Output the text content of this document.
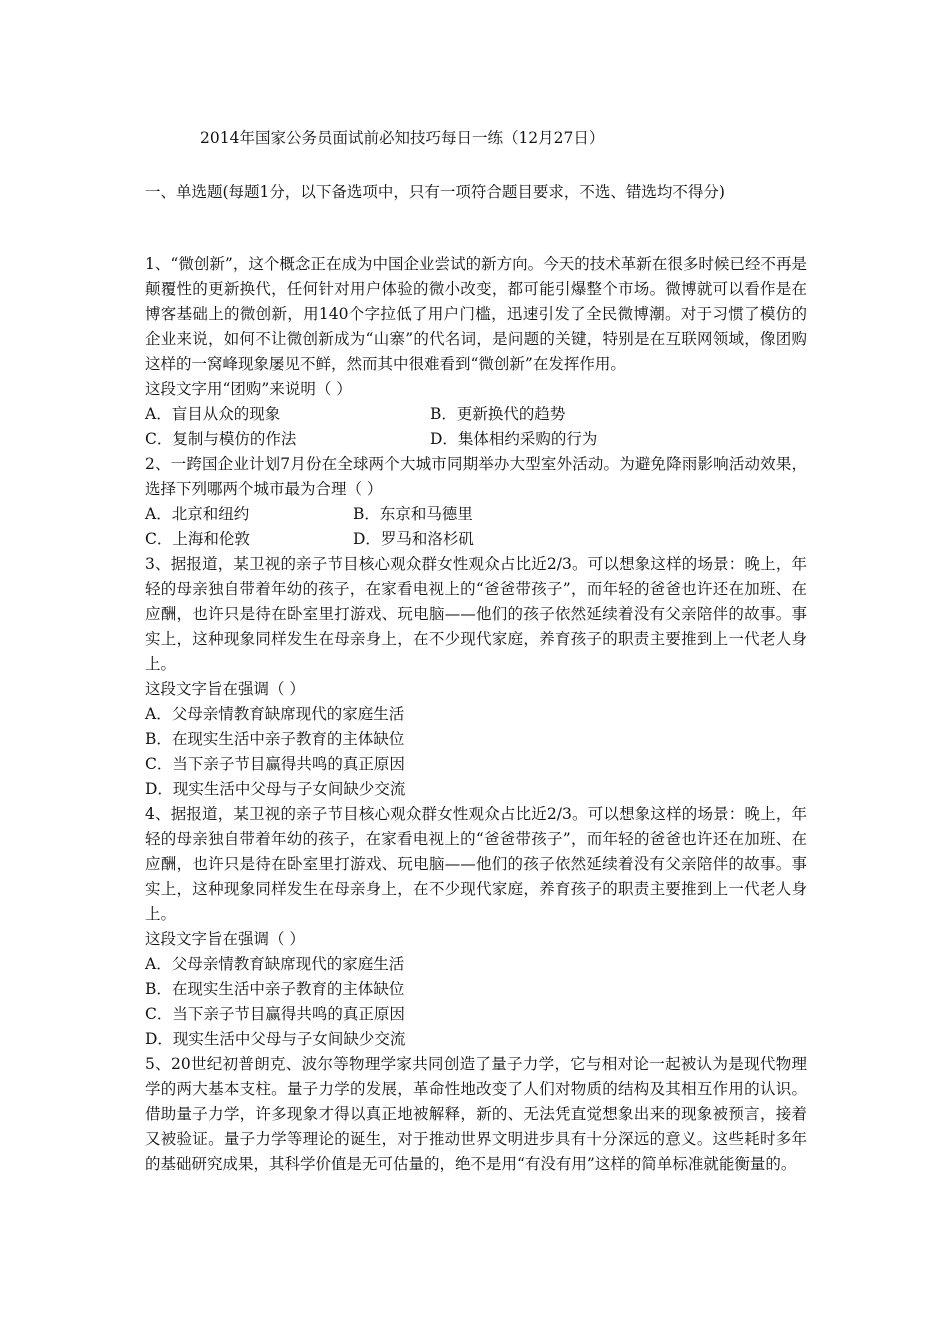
2014年国家公务员面试前必知技巧每日一练（12月27日）
一、单选题(每题1分，以下备选项中，只有一项符合题目要求，不选、错选均不得分)

1、“微创新”，这个概念正在成为中国企业尝试的新方向。今天的技术革新在很多时候已经不再是颠覆性的更新换代，任何针对用户体验的微小改变，都可能引爆整个市场。微博就可以看作是在博客基础上的微创新，用140个字拉低了用户门槛，迅速引发了全民微博潮。对于习惯了模仿的企业来说，如何不让微创新成为“山寨”的代名词，是问题的关键，特别是在互联网领域，像团购这样的一窝峰现象屡见不鲜，然而其中很难看到“微创新”在发挥作用。

这段文字用“团购”来说明（ ）

A．盲目从众的现象	B．更新换代的趋势
C．复制与模仿的作法	D．集体相约采购的行为

2、一跨国企业计划7月份在全球两个大城市同期举办大型室外活动。为避免降雨影响活动效果，选择下列哪两个城市最为合理（ ）

A．北京和纽约	B．东京和马德里
C．上海和伦敦	D．罗马和洛杉矶

3、据报道，某卫视的亲子节目核心观众群女性观众占比近2/3。可以想象这样的场景：晚上，年轻的母亲独自带着年幼的孩子，在家看电视上的“爸爸带孩子”，而年轻的爸爸也许还在加班、在应酬，也许只是待在卧室里打游戏、玩电脑——他们的孩子依然延续着没有父亲陪伴的故事。事实上，这种现象同样发生在母亲身上，在不少现代家庭，养育孩子的职责主要推到上一代老人身上。

这段文字旨在强调（ ）

A．父母亲情教育缺席现代的家庭生活

B．在现实生活中亲子教育的主体缺位

C．当下亲子节目赢得共鸣的真正原因

D．现实生活中父母与子女间缺少交流

4、据报道，某卫视的亲子节目核心观众群女性观众占比近2/3。可以想象这样的场景：晚上，年轻的母亲独自带着年幼的孩子，在家看电视上的“爸爸带孩子”，而年轻的爸爸也许还在加班、在应酬，也许只是待在卧室里打游戏、玩电脑——他们的孩子依然延续着没有父亲陪伴的故事。事实上，这种现象同样发生在母亲身上，在不少现代家庭，养育孩子的职责主要推到上一代老人身上。

这段文字旨在强调（ ）

A．父母亲情教育缺席现代的家庭生活

B．在现实生活中亲子教育的主体缺位

C．当下亲子节目赢得共鸣的真正原因

D．现实生活中父母与子女间缺少交流

5、20世纪初普朗克、波尔等物理学家共同创造了量子力学，它与相对论一起被认为是现代物理学的两大基本支柱。量子力学的发展，革命性地改变了人们对物质的结构及其相互作用的认识。借助量子力学，许多现象才得以真正地被解释，新的、无法凭直觉想象出来的现象被预言，接着又被验证。量子力学等理论的诞生，对于推动世界文明进步具有十分深远的意义。这些耗时多年的基础研究成果，其科学价值是无可估量的，绝不是用“有没有用”这样的简单标准就能衡量的。
